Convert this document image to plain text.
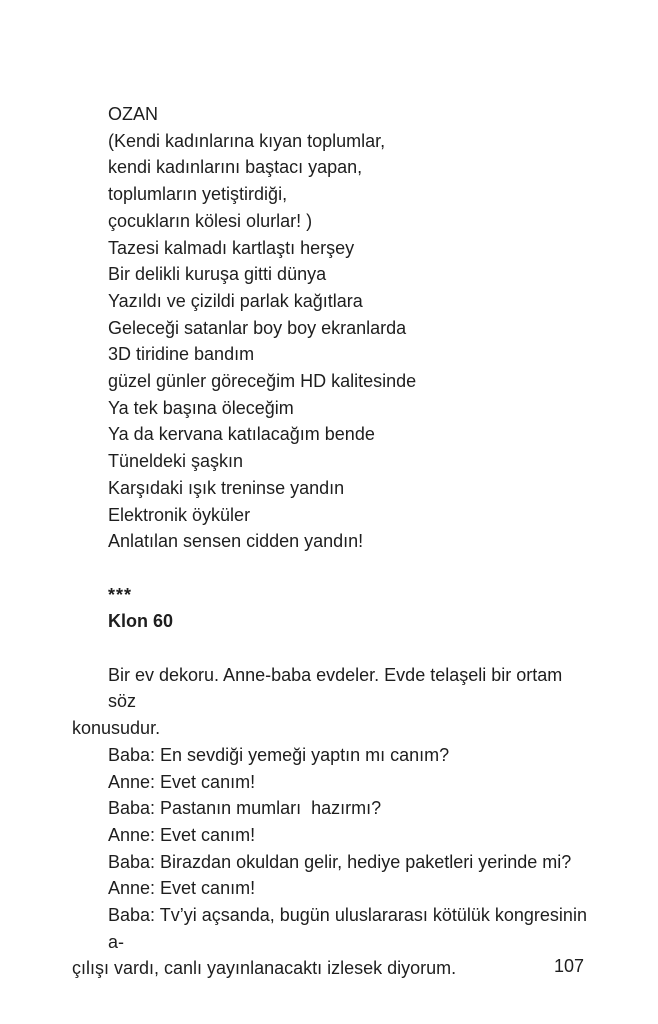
OZAN
(Kendi kadınlarına kıyan toplumlar,
kendi kadınlarını baştacı yapan,
toplumların yetiştirdiği,
çocukların kölesi olurlar! )
Tazesi kalmadı kartlaştı herşey
Bir delikli kuruşa gitti dünya
Yazıldı ve çizildi parlak kağıtlara
Geleceği satanlar boy boy ekranlarda
3D tiridine bandım
güzel günler göreceğim HD kalitesinde
Ya tek başına öleceğim
Ya da kervana katılacağım bende
Tüneldeki şaşkın
Karşıdaki ışık treninse yandın
Elektronik öyküler
Anlatılan sensen cidden yandın!
***
Klon 60
Bir ev dekoru. Anne-baba evdeler. Evde telaşeli bir ortam söz
konusudur.
Baba: En sevdiği yemeği yaptın mı canım?
Anne: Evet canım!
Baba: Pastanın mumları  hazırmı?
Anne: Evet canım!
Baba: Birazdan okuldan gelir, hediye paketleri yerinde mi?
Anne: Evet canım!
Baba: Tv’yi açsanda, bugün uluslararası kötülük kongresinin a-
çılışı vardı, canlı yayınlanacaktı izlesek diyorum.	107
